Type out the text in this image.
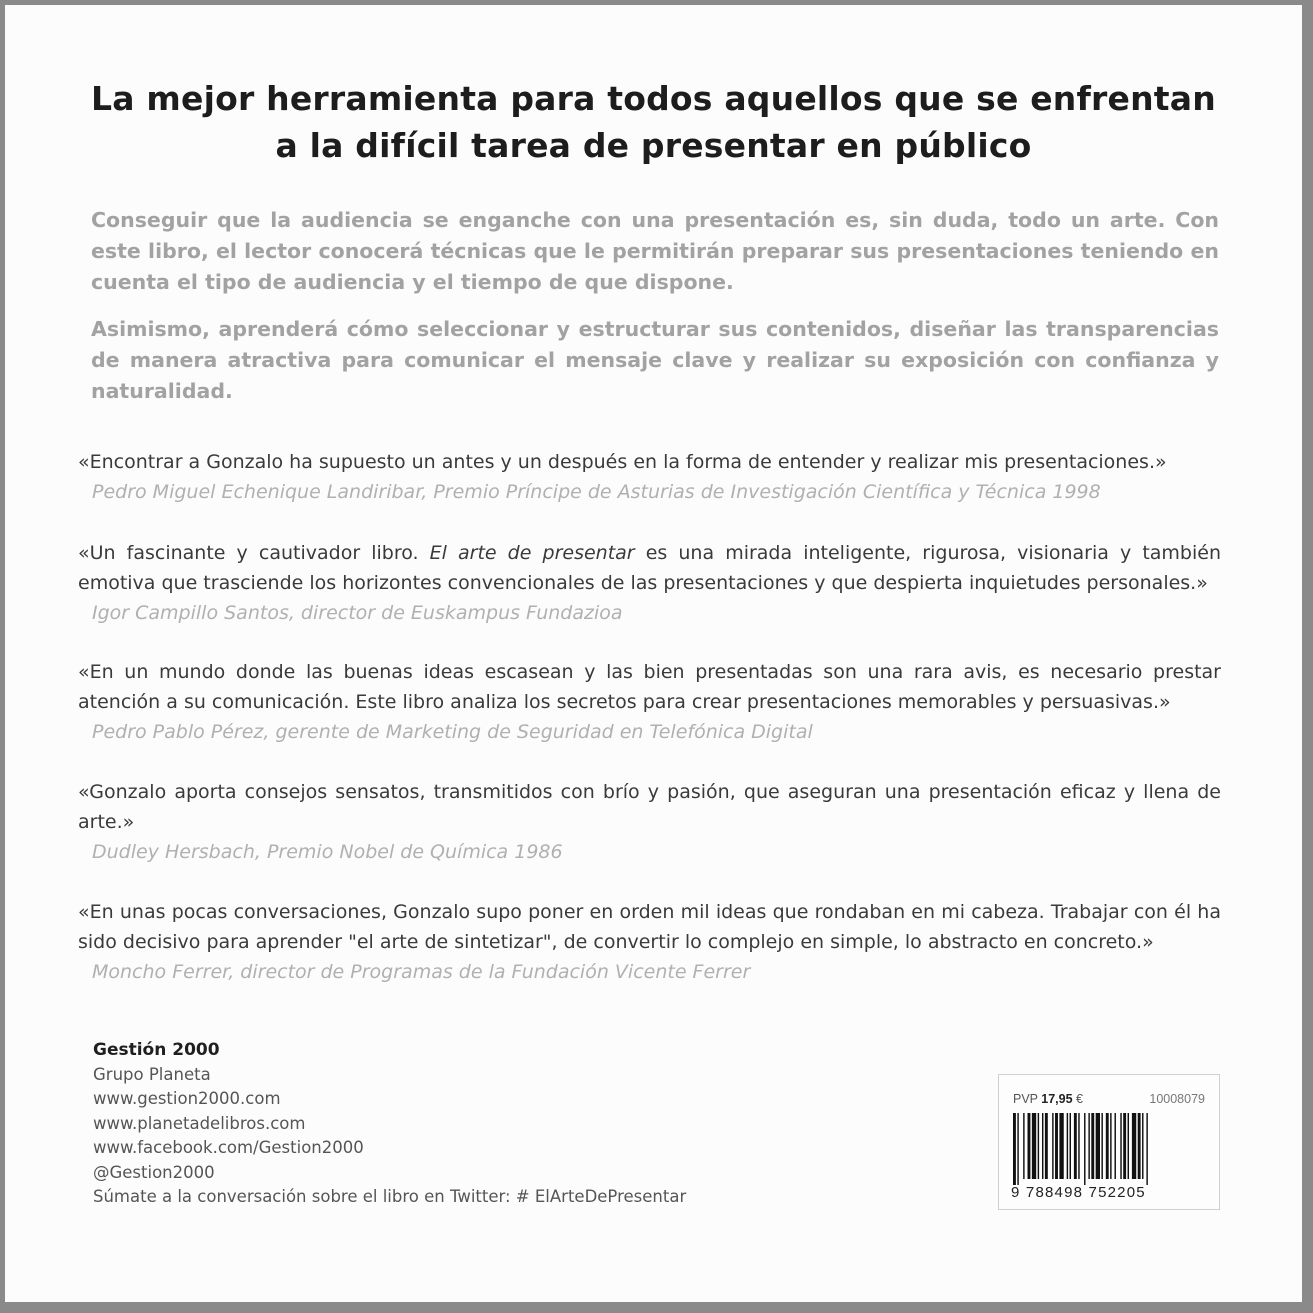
La mejor herramienta para todos aquellos que se enfrentan
a la difícil tarea de presentar en público

Conseguir que la audiencia se enganche con una presentación es, sin duda, todo un arte. Con este libro, el lector conocerá técnicas que le permitirán preparar sus presentaciones teniendo en cuenta el tipo de audiencia y el tiempo de que dispone.

Asimismo, aprenderá cómo seleccionar y estructurar sus contenidos, diseñar las transparencias de manera atractiva para comunicar el mensaje clave y realizar su exposición con confianza y naturalidad.

«Encontrar a Gonzalo ha supuesto un antes y un después en la forma de entender y realizar mis presentaciones.»

Pedro Miguel Echenique Landiribar, Premio Príncipe de Asturias de Investigación Científica y Técnica 1998

«Un fascinante y cautivador libro. El arte de presentar es una mirada inteligente, rigurosa, visionaria y también emotiva que trasciende los horizontes convencionales de las presentaciones y que despierta inquietudes personales.»

Igor Campillo Santos, director de Euskampus Fundazioa

«En un mundo donde las buenas ideas escasean y las bien presentadas son una rara avis, es necesario prestar atención a su comunicación. Este libro analiza los secretos para crear presentaciones memorables y persuasivas.»

Pedro Pablo Pérez, gerente de Marketing de Seguridad en Telefónica Digital

«Gonzalo aporta consejos sensatos, transmitidos con brío y pasión, que aseguran una presentación eficaz y llena de arte.»

Dudley Hersbach, Premio Nobel de Química 1986

«En unas pocas conversaciones, Gonzalo supo poner en orden mil ideas que rondaban en mi cabeza. Trabajar con él ha sido decisivo para aprender "el arte de sintetizar", de convertir lo complejo en simple, lo abstracto en concreto.»

Moncho Ferrer, director de Programas de la Fundación Vicente Ferrer

Gestión 2000
Grupo Planeta
www.gestion2000.com
www.planetadelibros.com
www.facebook.com/Gestion2000
@Gestion2000
Súmate a la conversación sobre el libro en Twitter: # ElArteDePresentar
PVP 17,95 €	10008079
9 788498 752205
